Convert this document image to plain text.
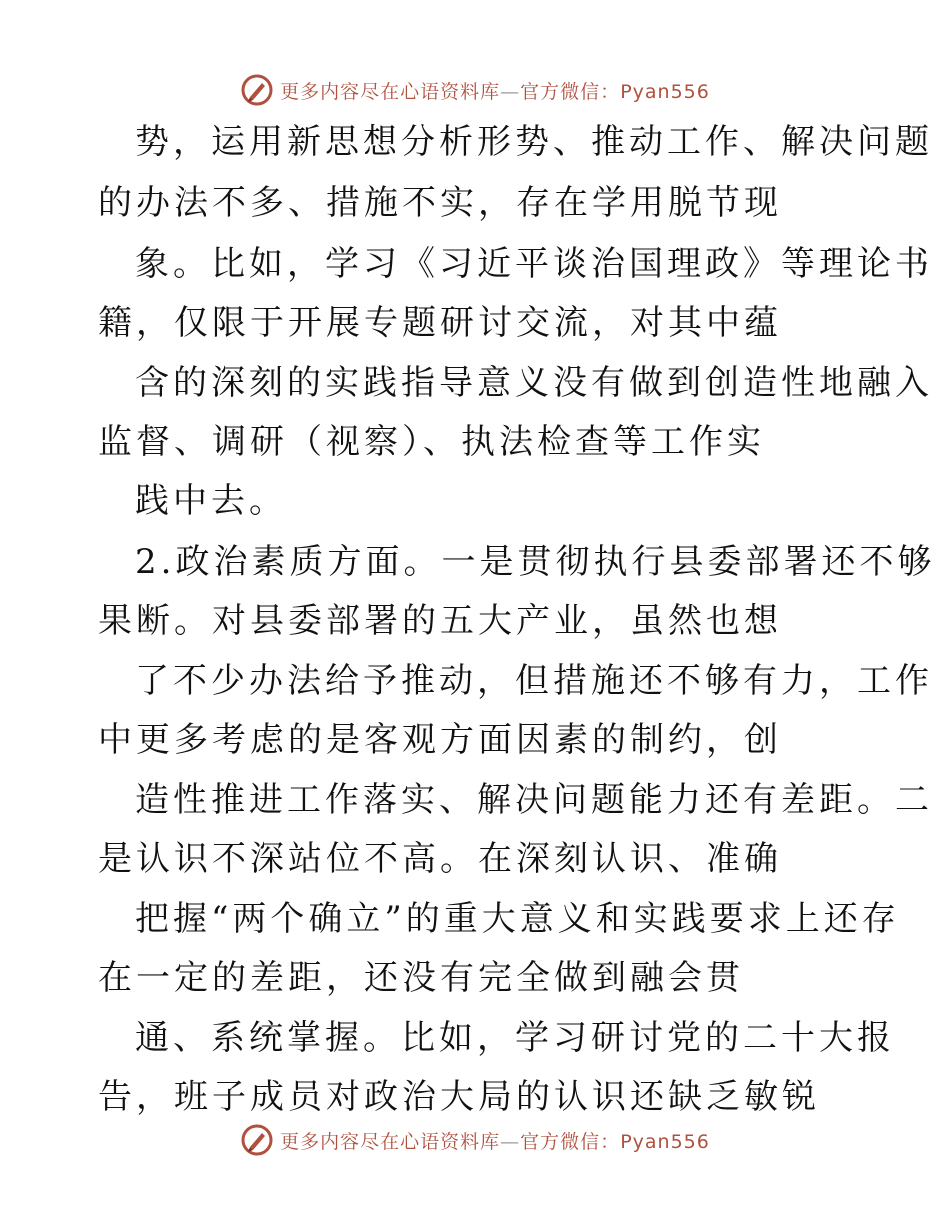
更多内容尽在心语资料库—官方微信：Pyan556
势，运用新思想分析形势、推动工作、解决问题
的办法不多、措施不实，存在学用脱节现
象。比如，学习《习近平谈治国理政》等理论书
籍，仅限于开展专题研讨交流，对其中蕴
含的深刻的实践指导意义没有做到创造性地融入
监督、调研（视察）、执法检查等工作实
践中去。
2.政治素质方面。一是贯彻执行县委部署还不够
果断。对县委部署的五大产业，虽然也想
了不少办法给予推动，但措施还不够有力，工作
中更多考虑的是客观方面因素的制约，创
造性推进工作落实、解决问题能力还有差距。二
是认识不深站位不高。在深刻认识、准确
把握“两个确立”的重大意义和实践要求上还存
在一定的差距，还没有完全做到融会贯
通、系统掌握。比如，学习研讨党的二十大报
告，班子成员对政治大局的认识还缺乏敏锐
更多内容尽在心语资料库—官方微信：Pyan556
